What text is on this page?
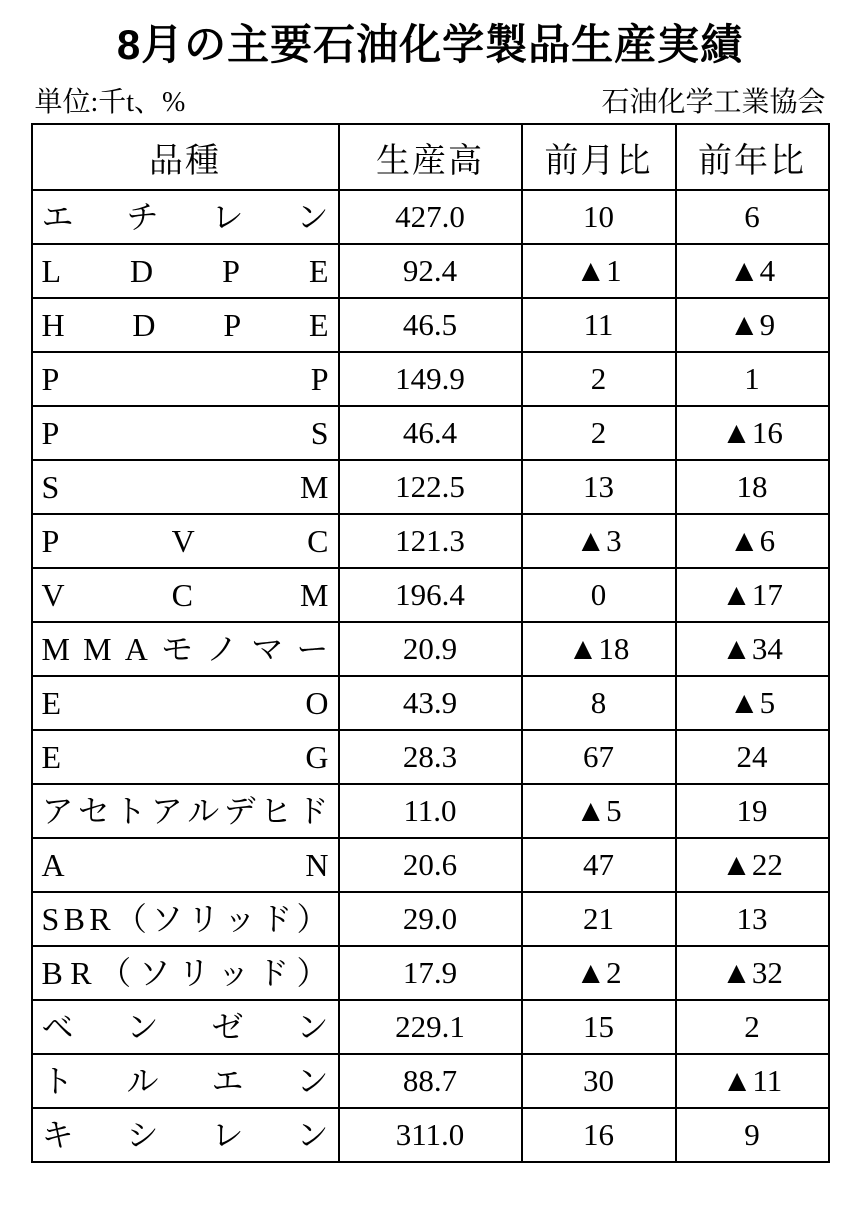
8月の主要石油化学製品生産実績
単位:千t、%	石油化学工業協会
品種	生産高	前月比	前年比

エ チ レ ン	427.0	10	6

L D P E	92.4	▲1	▲4

H D P E	46.5	11	▲9

P P	149.9	2	1

P S	46.4	2	▲16

S M	122.5	13	18

P V C	121.3	▲3	▲6

V C M	196.4	0	▲17

M M A モ ノ マ ー	20.9	▲18	▲34

E O	43.9	8	▲5

E G	28.3	67	24

ア セ ト ア ル デ ヒ ド	11.0	▲5	19

A N	20.6	47	▲22

S B R （ ソ リ ッ ド ）	29.0	21	13

B R （ ソ リ ッ ド ）	17.9	▲2	▲32

ベ ン ゼ ン	229.1	15	2

ト ル エ ン	88.7	30	▲11

キ シ レ ン	311.0	16	9
